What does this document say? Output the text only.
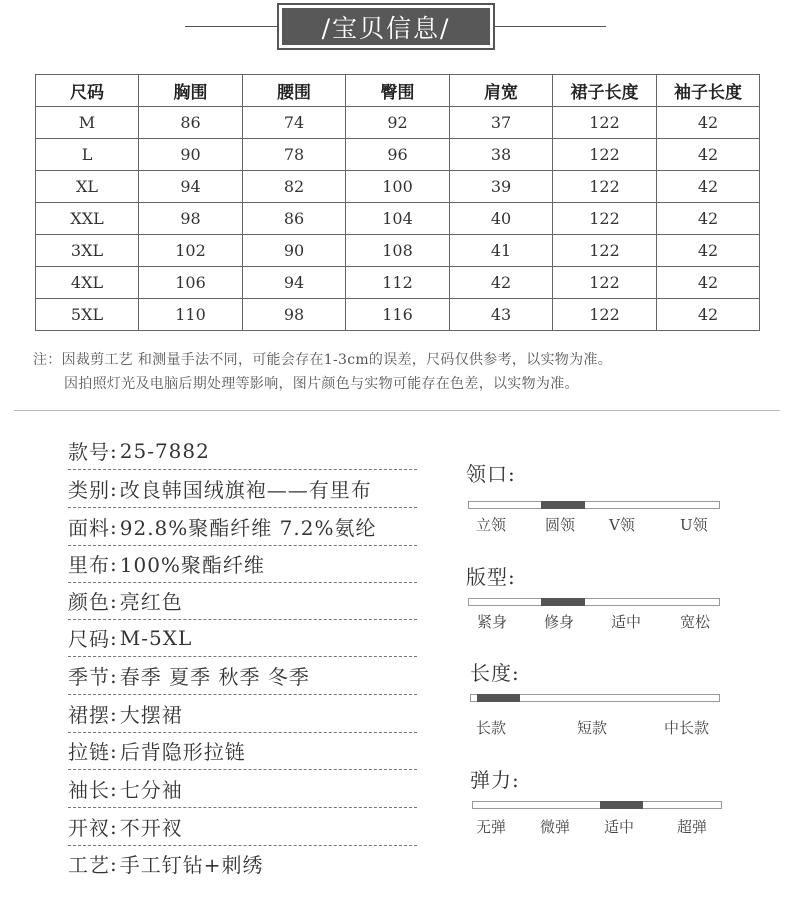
/宝贝信息/
尺码	胸围	腰围	臀围	肩宽	裙子长度	袖子长度
M	86	74	92	37	122	42
L	90	78	96	38	122	42
XL	94	82	100	39	122	42
XXL	98	86	104	40	122	42
3XL	102	90	108	41	122	42
4XL	106	94	112	42	122	42
5XL	110	98	116	43	122	42
注：因裁剪工艺 和测量手法不同，可能会存在1-3cm的误差，尺码仅供参考，以实物为准。
因拍照灯光及电脑后期处理等影响，图片颜色与实物可能存在色差，以实物为准。
款号 : 25-7882
类别 : 改良韩国绒旗袍——有里布
面料 : 92.8%聚酯纤维 7.2%氨纶
里布 : 100%聚酯纤维
颜色 : 亮红色
尺码 : M-5XL
季节 : 春季 夏季 秋季 冬季
裙摆 : 大摆裙
拉链 : 后背隐形拉链
袖长 : 七分袖
开衩 : 不开衩
工艺 : 手工钉钻+刺绣
领口:
立领	圆领 V领	U领
版型:
紧身 修身 适中	宽松
长度:
长款	短款	中长款
弹力:
无弹 微弹 适中	超弹
